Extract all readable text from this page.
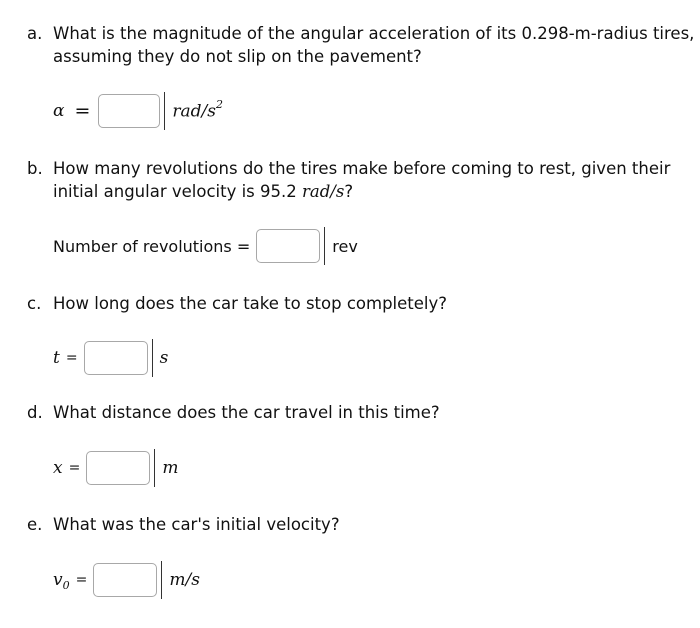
a. What is the magnitude of the angular acceleration of its 0.298-m-radius tires,
assuming they do not slip on the pavement?
α =	rad/$s^2$
b. How many revolutions do the tires make before coming to rest, given their
initial angular velocity is 95.2 rad/s?
Number of revolutions =	rev
c. How long does the car take to stop completely?
t =	s
d. What distance does the car travel in this time?
x =	m
e. What was the car's initial velocity?
$v_0$ =	m/s
